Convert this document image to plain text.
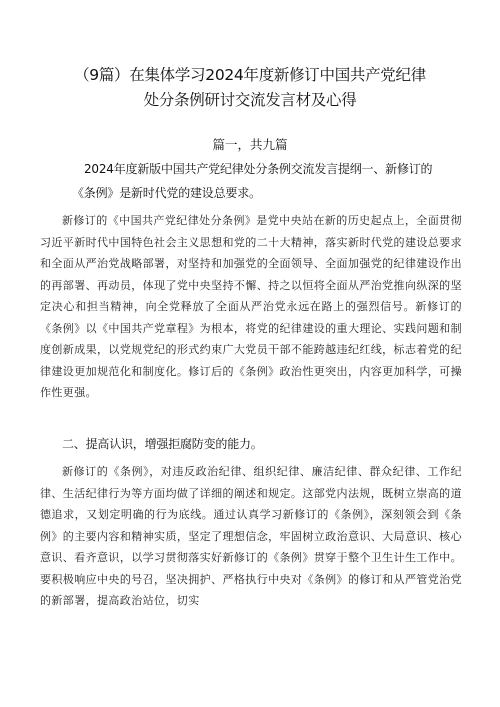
（9篇）在集体学习2024年度新修订中国共产党纪律
处分条例研讨交流发言材及心得
篇一，共九篇
2024年度新版中国共产党纪律处分条例交流发言提纲一、新修订的
《条例》是新时代党的建设总要求。

新修订的《中国共产党纪律处分条例》是党中央站在新的历史起点上，全面贯彻习近平新时代中国特色社会主义思想和党的二十大精神，落实新时代党的建设总要求和全面从严治党战略部署，对坚持和加强党的全面领导、全面加强党的纪律建设作出的再部署、再动员，体现了党中央坚持不懈、持之以恒将全面从严治党推向纵深的坚定决心和担当精神，向全党释放了全面从严治党永远在路上的强烈信号。新修订的《条例》以《中国共产党章程》为根本，将党的纪律建设的重大理论、实践问题和制度创新成果，以党规党纪的形式约束广大党员干部不能跨越违纪红线，标志着党的纪律建设更加规范化和制度化。修订后的《条例》政治性更突出，内容更加科学，可操作性更强。

二、提高认识，增强拒腐防变的能力。

新修订的《条例》，对违反政治纪律、组织纪律、廉洁纪律、群众纪律、工作纪律、生活纪律行为等方面均做了详细的阐述和规定。这部党内法规，既树立崇高的道德追求，又划定明确的行为底线。通过认真学习新修订的《条例》，深刻领会到《条例》的主要内容和精神实质，坚定了理想信念，牢固树立政治意识、大局意识、核心意识、看齐意识，以学习贯彻落实好新修订的《条例》贯穿于整个卫生计生工作中。要积极响应中央的号召，坚决拥护、严格执行中央对《条例》的修订和从严管党治党的新部署，提高政治站位，切实
